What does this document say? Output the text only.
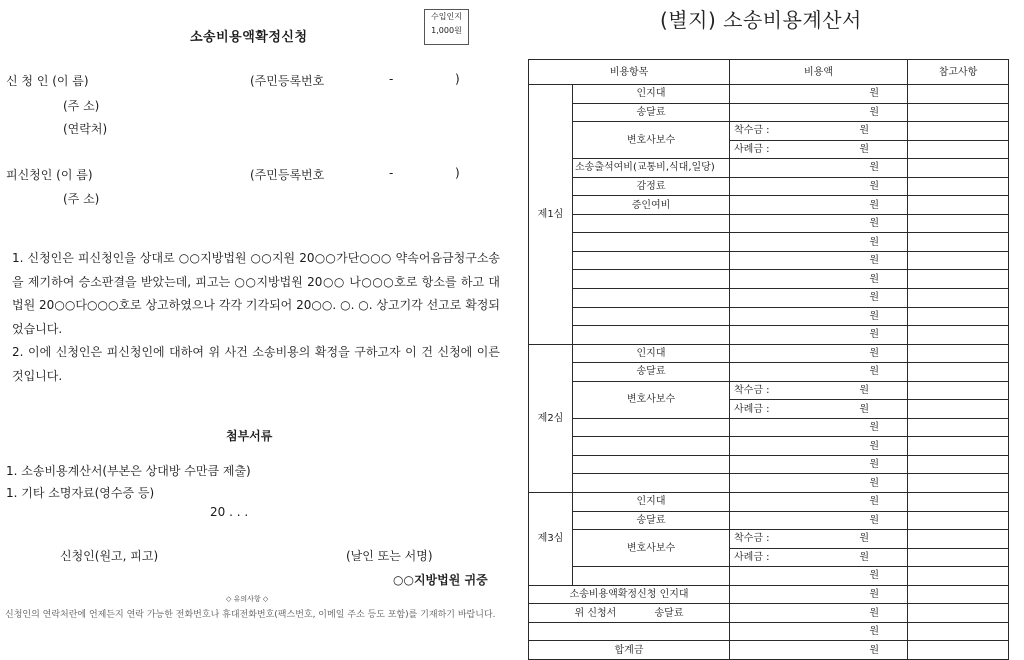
소송비용액확정신청
수입인지
1,000원
신 청 인 (이 름)	(주민등록번호	-	)
(주 소)
(연락처)
피신청인 (이 름)	(주민등록번호	-	)
(주 소)

1. 신청인은 피신청인을 상대로 ○○지방법원 ○○지원 20○○가단○○○ 약속어음금청구소송을 제기하여 승소판결을 받았는데, 피고는 ○○지방법원 20○○ 나○○○호로 항소를 하고 대법원 20○○다○○○호로 상고하였으나 각각 기각되어 20○○. ○. ○. 상고기각 선고로 확정되었습니다.

2. 이에 신청인은 피신청인에 대하여 위 사건 소송비용의 확정을 구하고자 이 건 신청에 이른 것입니다.

첨부서류
1. 소송비용계산서(부본은 상대방 수만큼 제출)
1. 기타 소명자료(영수증 등)
20 . . .
신청인(원고, 피고)	(날인 또는 서명)
○○지방법원 귀중
◇ 유의사항 ◇
신청인의 연락처란에 언제든지 연락 가능한 전화번호나 휴대전화번호(팩스번호, 이메일 주소 등도 포함)를 기재하기 바랍니다.
(별지) 소송비용계산서
비용항목		비용액	참고사항
제1심	인지대	원	
	송달료	원	
	변호사보수	착수금 : 원	

		사례금 : 원	

	소송출석여비(교통비,식대,일당)	원	
	감정료	원	
	증인여비	원	
		원	
		원	
		원	
		원	
		원	
		원	
		원	
제2심	인지대	원	
	송달료	원	
	변호사보수	착수금 : 원	

		사례금 : 원	

		원	
		원	
		원	
		원	
제3심	인지대	원	
	송달료	원	
	변호사보수	착수금 : 원	

		사례금 : 원	

		원	
소송비용액확정신청 인지대		원	
위 신청서 송달료		원	
		원	
합계금		원	
